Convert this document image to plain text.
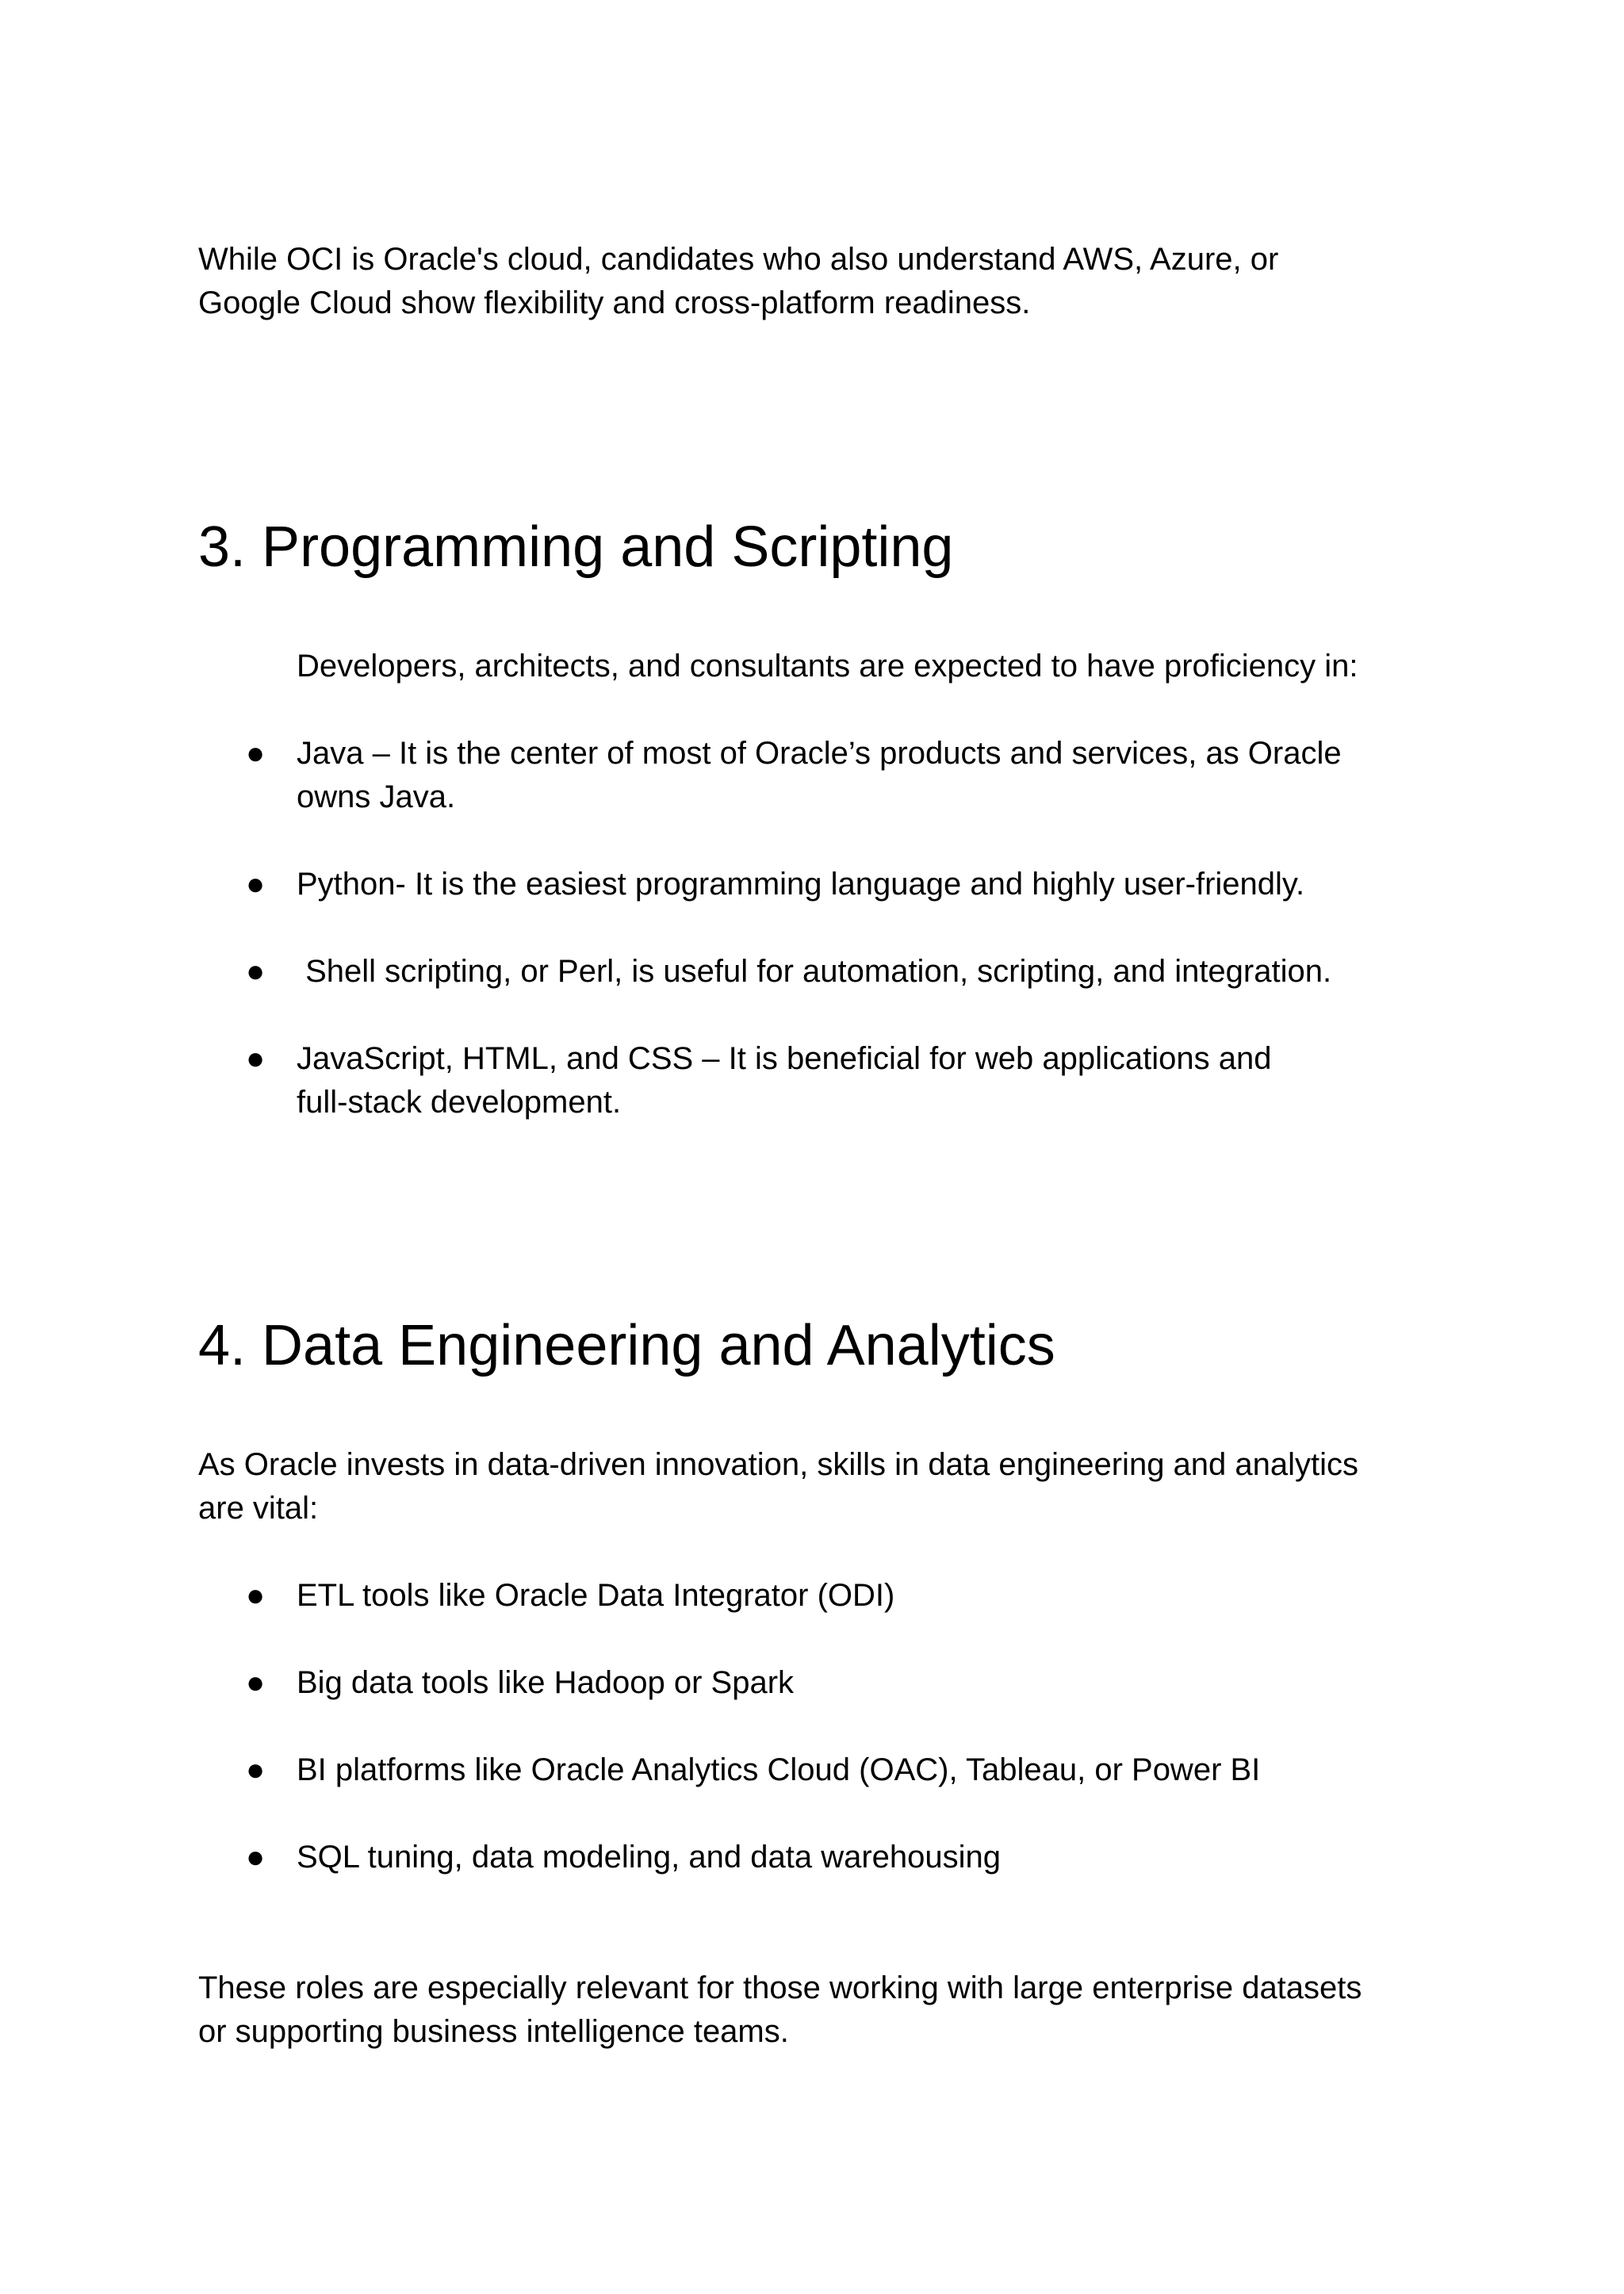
While OCI is Oracle's cloud, candidates who also understand AWS, Azure, or
Google Cloud show flexibility and cross-platform readiness.

3. Programming and Scripting

Developers, architects, and consultants are expected to have proficiency in:

● Java – It is the center of most of Oracle’s products and services, as Oracle
owns Java.
● Python- It is the easiest programming language and highly user-friendly.
● Shell scripting, or Perl, is useful for automation, scripting, and integration.
● JavaScript, HTML, and CSS – It is beneficial for web applications and
full-stack development.
4. Data Engineering and Analytics

As Oracle invests in data-driven innovation, skills in data engineering and analytics
are vital:

● ETL tools like Oracle Data Integrator (ODI)
● Big data tools like Hadoop or Spark
● BI platforms like Oracle Analytics Cloud (OAC), Tableau, or Power BI
● SQL tuning, data modeling, and data warehousing

These roles are especially relevant for those working with large enterprise datasets
or supporting business intelligence teams.
